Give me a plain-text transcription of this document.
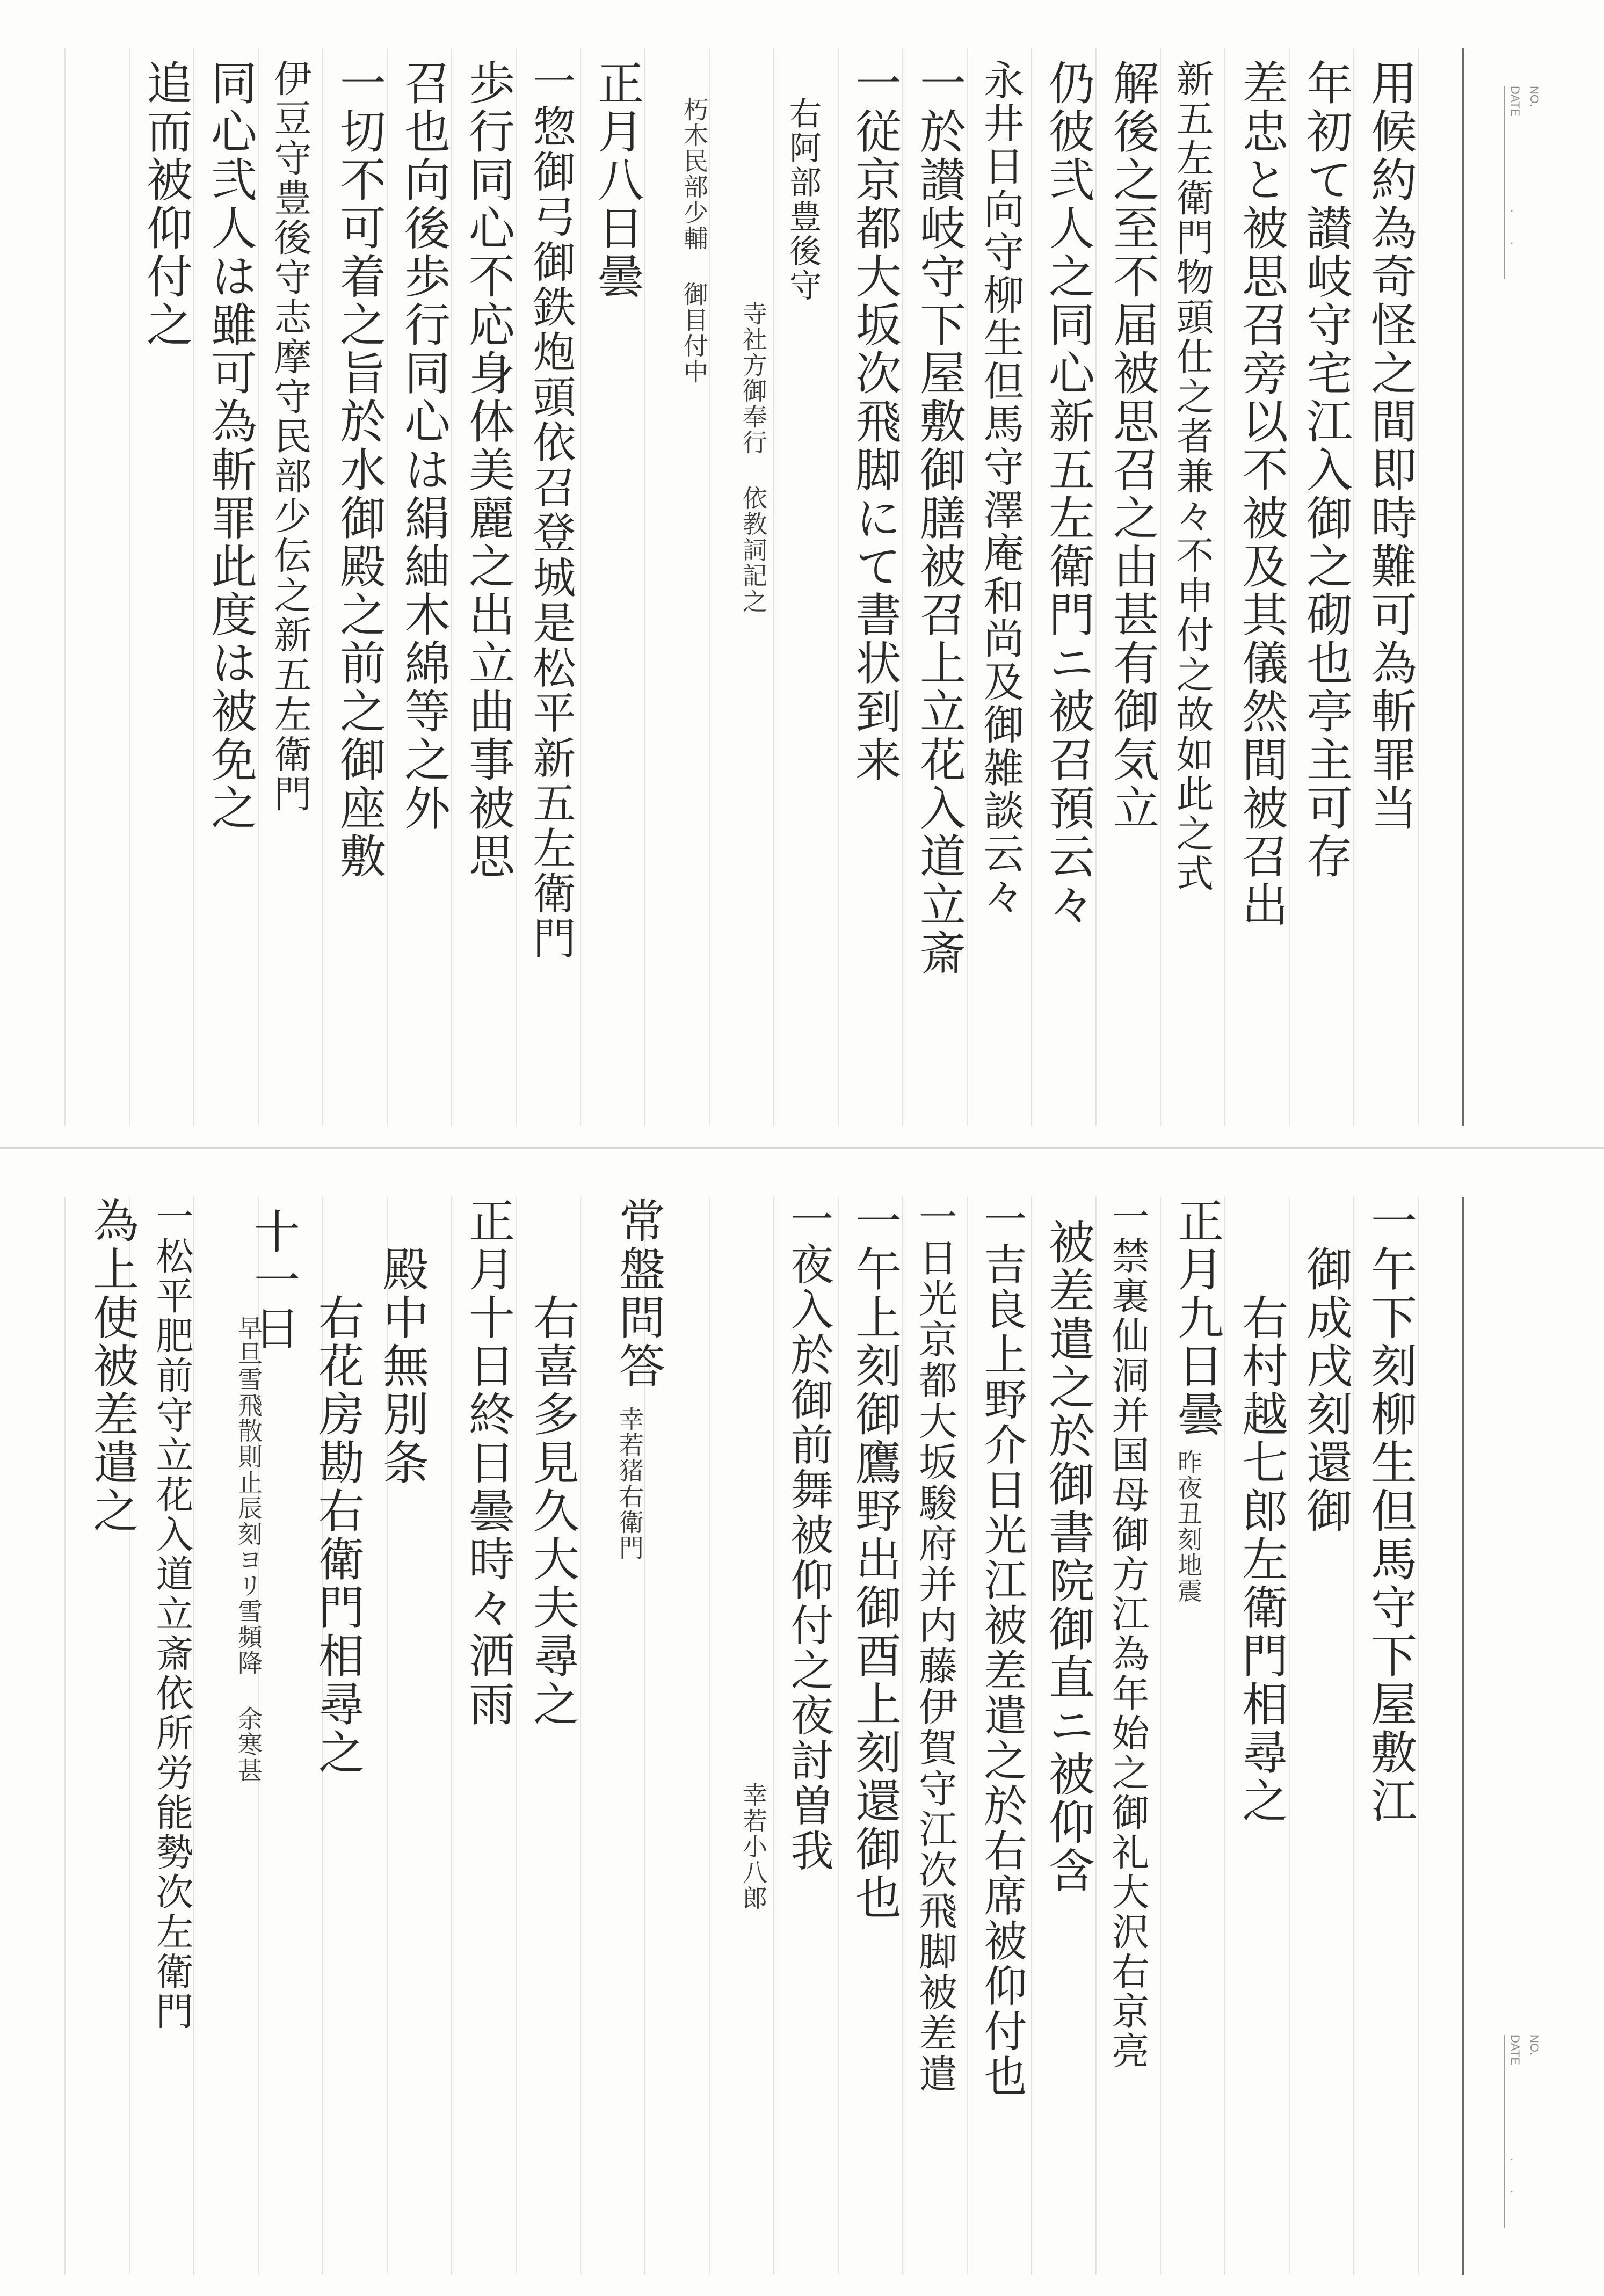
NO.
DATE
. .
用候約為奇怪之間即時難可為斬罪当
年初て讃岐守宅江入御之砌也亭主可存
差忠と被思召旁以不被及其儀然間被召出
新五左衛門物頭仕之者兼々不申付之故如此之式
解後之至不届被思召之由甚有御気立
仍彼弐人之同心新五左衛門ニ被召預云々
永井日向守柳生但馬守澤庵和尚及御雑談云々
一於讃岐守下屋敷御膳被召上立花入道立斎
一従京都大坂次飛脚にて書状到来
右阿部豊後守
寺社方御奉行 依教詞記之
朽木民部少輔 御目付中
正月八日曇
一惣御弓御鉄炮頭依召登城是松平新五左衛門
歩行同心不応身体美麗之出立曲事被思
召也向後歩行同心は絹紬木綿等之外
一切不可着之旨於水御殿之前之御座敷
伊豆守豊後守志摩守民部少伝之新五左衛門
同心弐人は雖可為斬罪此度は被免之
追而被仰付之
NO.
DATE
. .
一午下刻柳生但馬守下屋敷江
御成戌刻還御
右村越七郎左衛門相尋之
正月九日曇
昨夜丑刻地震
一禁裏仙洞并国母御方江為年始之御礼大沢右京亮
被差遣之於御書院御直ニ被仰含
一吉良上野介日光江被差遣之於右席被仰付也
一日光京都大坂駿府并内藤伊賀守江次飛脚被差遣
一午上刻御鷹野出御酉上刻還御也
一夜入於御前舞被仰付之夜討曽我
幸若小八郎
常盤問答
幸若猪右衛門
右喜多見久大夫尋之
正月十日終日曇時々洒雨
殿中無別条
右花房勘右衛門相尋之
十一日
早旦雪飛散則止辰刻ヨリ雪頻降 余寒甚
一松平肥前守立花入道立斎依所労能勢次左衛門
為上使被差遣之
